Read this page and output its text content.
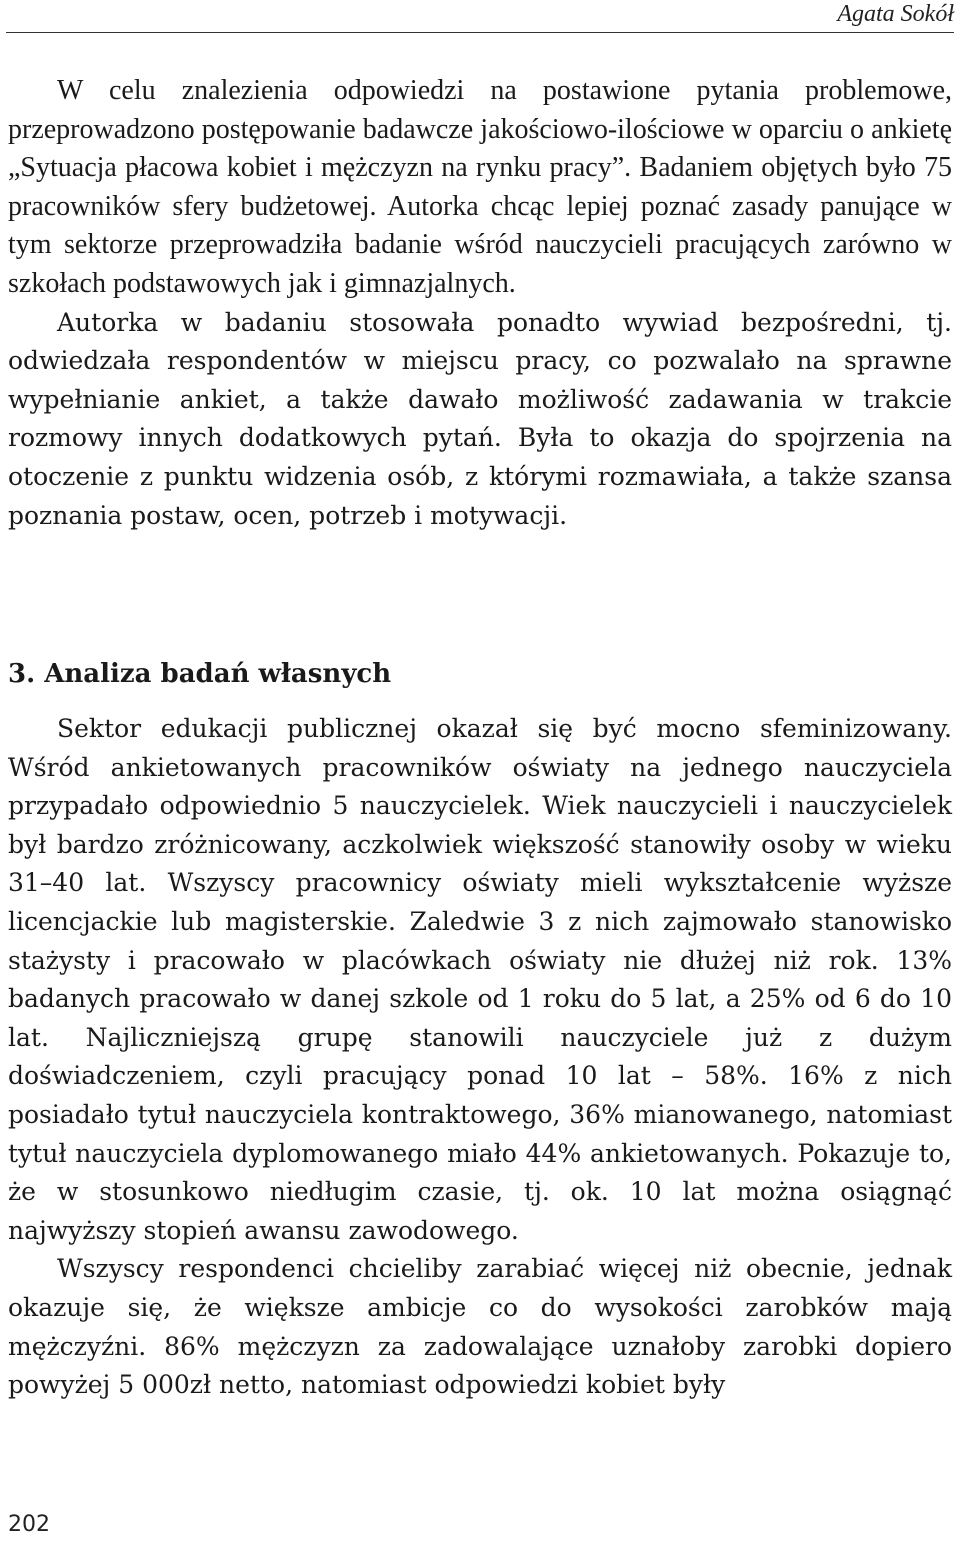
Agata Sokół

W celu znalezienia odpowiedzi na postawione pytania problemowe, przeprowadzono postępowanie badawcze jakościowo-ilościowe w oparciu o ankietę „Sytuacja płacowa kobiet i mężczyzn na rynku pracy”. Badaniem objętych było 75 pracowników sfery budżetowej. Autorka chcąc lepiej poznać zasady panujące w tym sektorze przeprowadziła badanie wśród nauczycieli pracujących zarówno w szkołach podstawowych jak i gimnazjalnych.

Autorka w badaniu stosowała ponadto wywiad bezpośredni, tj. odwiedzała respondentów w miejscu pracy, co pozwalało na sprawne wypełnianie ankiet, a także dawało możliwość zadawania w trakcie rozmowy innych dodatkowych pytań. Była to okazja do spojrzenia na otoczenie z punktu widzenia osób, z którymi rozmawiała, a także szansa poznania postaw, ocen, potrzeb i motywacji.

3. Analiza badań własnych

Sektor edukacji publicznej okazał się być mocno sfeminizowany. Wśród ankietowanych pracowników oświaty na jednego nauczyciela przypadało odpowiednio 5 nauczycielek. Wiek nauczycieli i nauczycielek był bardzo zróżnicowany, aczkolwiek większość stanowiły osoby w wieku 31–40 lat. Wszyscy pracownicy oświaty mieli wykształcenie wyższe licencjackie lub magisterskie. Zaledwie 3 z nich zajmowało stanowisko stażysty i pracowało w placówkach oświaty nie dłużej niż rok. 13% badanych pracowało w danej szkole od 1 roku do 5 lat, a 25% od 6 do 10 lat. Najliczniejszą grupę stanowili nauczyciele już z dużym doświadczeniem, czyli pracujący ponad 10 lat – 58%. 16% z nich posiadało tytuł nauczyciela kontraktowego, 36% mianowanego, natomiast tytuł nauczyciela dyplomowanego miało 44% ankietowanych. Pokazuje to, że w stosunkowo niedługim czasie, tj. ok. 10 lat można osiągnąć najwyższy stopień awansu zawodowego.

Wszyscy respondenci chcieliby zarabiać więcej niż obecnie, jednak okazuje się, że większe ambicje co do wysokości zarobków mają mężczyźni. 86% mężczyzn za zadowalające uznałoby zarobki dopiero powyżej 5 000zł netto, natomiast odpowiedzi kobiet były

202
